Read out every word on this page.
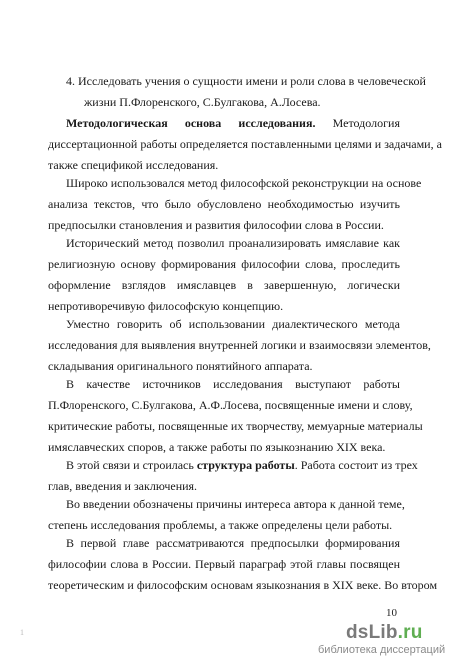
4. Исследовать учения о сущности имени и роли слова в человеческой
жизни П.Флоренского, С.Булгакова, А.Лосева.
Методологическая основа исследования. Методология
диссертационной работы определяется поставленными целями и задачами, а
также спецификой исследования.
Широко использовался метод философской реконструкции на основе
анализа текстов, что было обусловлено необходимостью изучить
предпосылки становления и развития философии слова в России.
Исторический метод позволил проанализировать имяславие как
религиозную основу формирования философии слова, проследить
оформление взглядов имяславцев в завершенную, логически
непротиворечивую философскую концепцию.
Уместно говорить об использовании диалектического метода
исследования для выявления внутренней логики и взаимосвязи элементов,
складывания оригинального понятийного аппарата.
В качестве источников исследования выступают работы
П.Флоренского, С.Булгакова, А.Ф.Лосева, посвященные имени и слову,
критические работы, посвященные их творчеству, мемуарные материалы
имяславческих споров, а также работы по языкознанию XIX века.
В этой связи и строилась структура работы. Работа состоит из трех
глав, введения и заключения.
Во введении обозначены причины интереса автора к данной теме,
степень исследования проблемы, а также определены цели работы.
В первой главе рассматриваются предпосылки формирования
философии слова в России. Первый параграф этой главы посвящен
теоретическим и философским основам языкознания в XIX веке. Во втором
10
1	dsLib.ru
библиотека диссертаций
